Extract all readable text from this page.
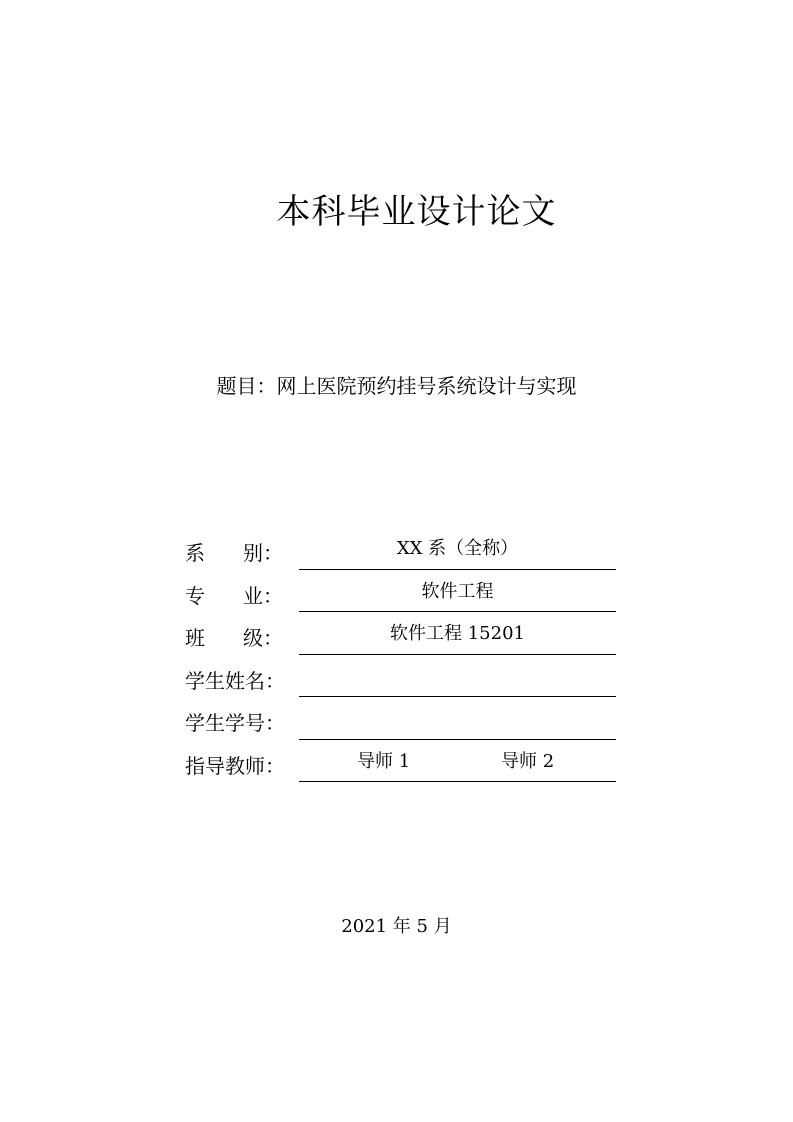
本科毕业设计论文
题目：网上医院预约挂号系统设计与实现
系 别：	XX 系（全称）
专 业：	软件工程
班 级：	软件工程 15201
学生姓名：
学生学号：
指导教师：	导师 1	导师 2
2021 年 5 月
